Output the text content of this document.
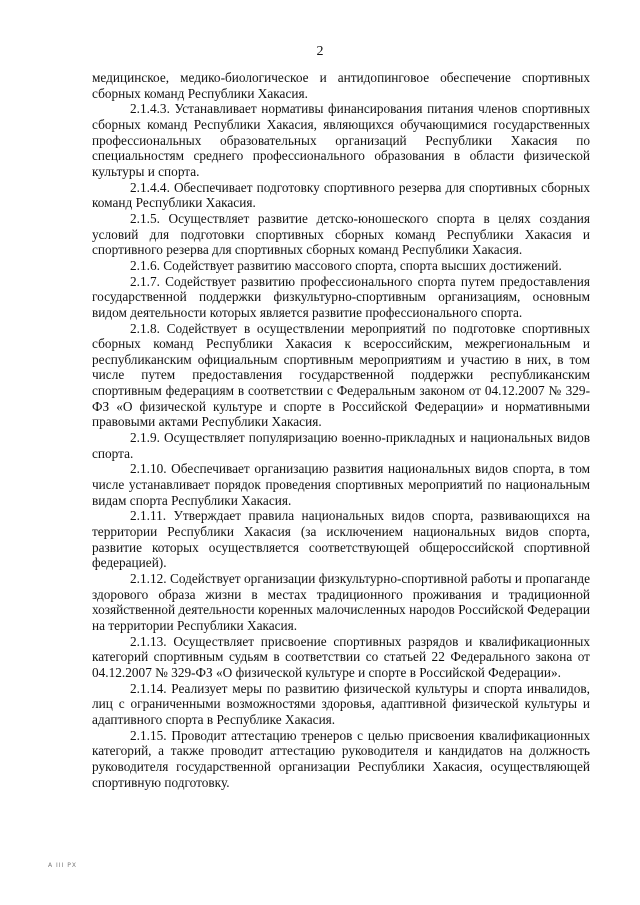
2

медицинское, медико-биологическое и антидопинговое обеспечение спортивных сборных команд Республики Хакасия.

2.1.4.3. Устанавливает нормативы финансирования питания членов спортивных сборных команд Республики Хакасия, являющихся обучающимися государственных профессиональных образовательных организаций Республики Хакасия по специальностям среднего профессионального образования в области физической культуры и спорта.

2.1.4.4. Обеспечивает подготовку спортивного резерва для спортивных сборных команд Республики Хакасия.

2.1.5. Осуществляет развитие детско-юношеского спорта в целях создания условий для подготовки спортивных сборных команд Республики Хакасия и спортивного резерва для спортивных сборных команд Республики Хакасия.

2.1.6. Содействует развитию массового спорта, спорта высших достижений.

2.1.7. Содействует развитию профессионального спорта путем предоставления государственной поддержки физкультурно-спортивным организациям, основным видом деятельности которых является развитие профессионального спорта.

2.1.8. Содействует в осуществлении мероприятий по подготовке спортивных сборных команд Республики Хакасия к всероссийским, межрегиональным и республиканским официальным спортивным мероприятиям и участию в них, в том числе путем предоставления государственной поддержки республиканским спортивным федерациям в соответствии с Федеральным законом от 04.12.2007 № 329-ФЗ «О физической культуре и спорте в Российской Федерации» и нормативными правовыми актами Республики Хакасия.

2.1.9. Осуществляет популяризацию военно-прикладных и национальных видов спорта.

2.1.10. Обеспечивает организацию развития национальных видов спорта, в том числе устанавливает порядок проведения спортивных мероприятий по национальным видам спорта Республики Хакасия.

2.1.11. Утверждает правила национальных видов спорта, развивающихся на территории Республики Хакасия (за исключением национальных видов спорта, развитие которых осуществляется соответствующей общероссийской спортивной федерацией).

2.1.12. Содействует организации физкультурно-спортивной работы и пропаганде здорового образа жизни в местах традиционного проживания и традиционной хозяйственной деятельности коренных малочисленных народов Российской Федерации на территории Республики Хакасия.

2.1.13. Осуществляет присвоение спортивных разрядов и квалификационных категорий спортивным судьям в соответствии со статьей 22 Федерального закона от 04.12.2007 № 329-ФЗ «О физической культуре и спорте в Российской Федерации».

2.1.14. Реализует меры по развитию физической культуры и спорта инвалидов, лиц с ограниченными возможностями здоровья, адаптивной физической культуры и адаптивного спорта в Республике Хакасия.

2.1.15. Проводит аттестацию тренеров с целью присвоения квалификационных категорий, а также проводит аттестацию руководителя и кандидатов на должность руководителя государственной организации Республики Хакасия, осуществляющей спортивную подготовку.

A III PX
